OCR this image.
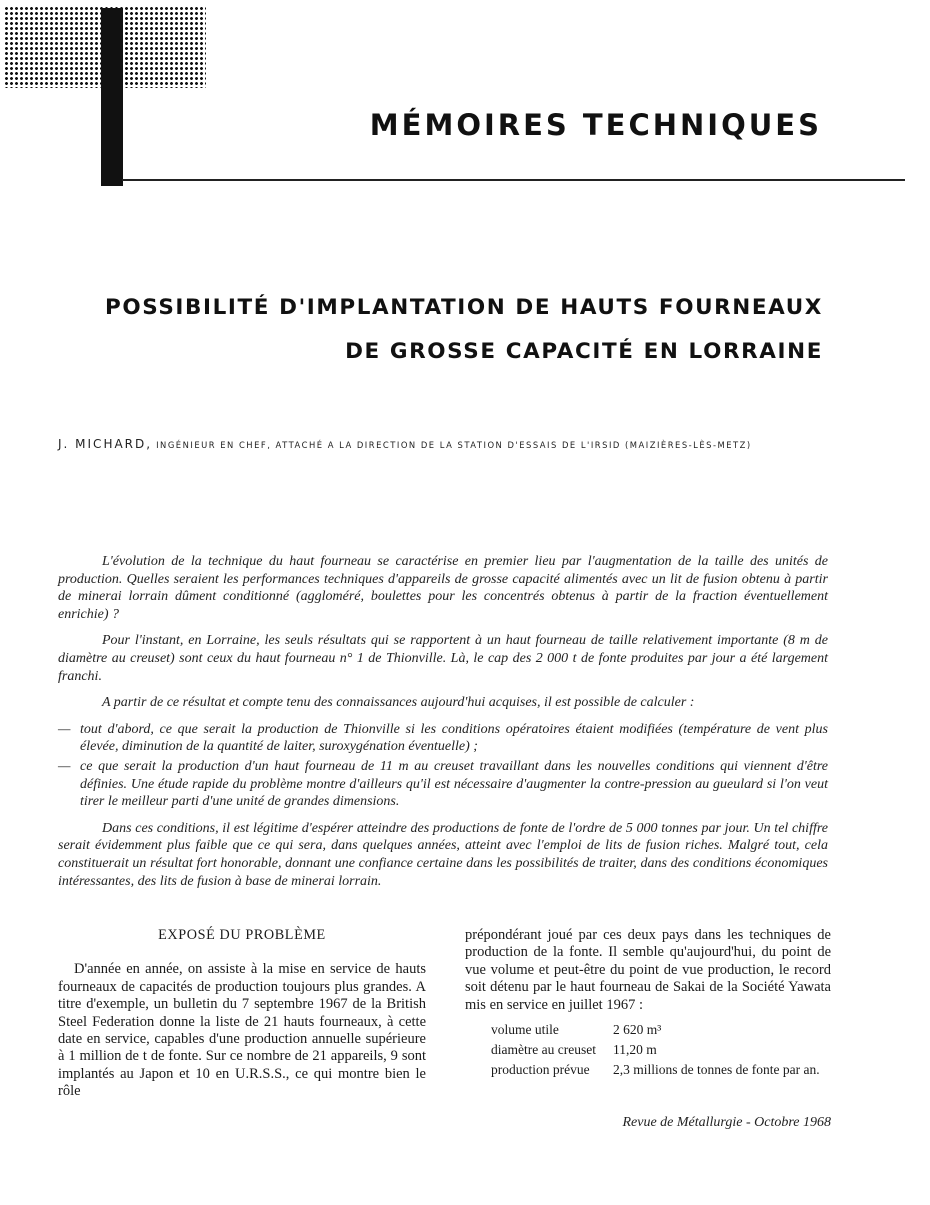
MÉMOIRES TECHNIQUES
POSSIBILITÉ D'IMPLANTATION DE HAUTS FOURNEAUX
DE GROSSE CAPACITÉ EN LORRAINE
J. MICHARD, INGÉNIEUR EN CHEF, ATTACHÉ A LA DIRECTION DE LA STATION D'ESSAIS DE L'IRSID (MAIZIÈRES-LÈS-METZ)

L'évolution de la technique du haut fourneau se caractérise en premier lieu par l'augmentation de la taille des unités de production. Quelles seraient les performances techniques d'appareils de grosse capacité alimentés avec un lit de fusion obtenu à partir de minerai lorrain dûment conditionné (aggloméré, boulettes pour les concentrés obtenus à partir de la fraction éventuellement enrichie) ?

Pour l'instant, en Lorraine, les seuls résultats qui se rapportent à un haut fourneau de taille relativement importante (8 m de diamètre au creuset) sont ceux du haut fourneau n° 1 de Thionville. Là, le cap des 2 000 t de fonte produites par jour a été largement franchi.

A partir de ce résultat et compte tenu des connaissances aujourd'hui acquises, il est possible de calculer :

— tout d'abord, ce que serait la production de Thionville si les conditions opératoires étaient modifiées (température de vent plus élevée, diminution de la quantité de laiter, suroxygénation éventuelle) ;

— ce que serait la production d'un haut fourneau de 11 m au creuset travaillant dans les nouvelles conditions qui viennent d'être définies. Une étude rapide du problème montre d'ailleurs qu'il est nécessaire d'augmenter la contre-pression au gueulard si l'on veut tirer le meilleur parti d'une unité de grandes dimensions.

Dans ces conditions, il est légitime d'espérer atteindre des productions de fonte de l'ordre de 5 000 tonnes par jour. Un tel chiffre serait évidemment plus faible que ce qui sera, dans quelques années, atteint avec l'emploi de lits de fusion riches. Malgré tout, cela constituerait un résultat fort honorable, donnant une confiance certaine dans les possibilités de traiter, dans des conditions économiques intéressantes, des lits de fusion à base de minerai lorrain.

EXPOSÉ DU PROBLÈME

D'année en année, on assiste à la mise en service de hauts fourneaux de capacités de production toujours plus grandes. A titre d'exemple, un bulletin du 7 septembre 1967 de la British Steel Federation donne la liste de 21 hauts fourneaux, à cette date en service, capables d'une production annuelle supérieure à 1 million de t de fonte. Sur ce nombre de 21 appareils, 9 sont implantés au Japon et 10 en U.R.S.S., ce qui montre bien le rôle

prépondérant joué par ces deux pays dans les techniques de production de la fonte. Il semble qu'aujourd'hui, du point de vue volume et peut-être du point de vue production, le record soit détenu par le haut fourneau de Sakai de la Société Yawata mis en service en juillet 1967 :

volume utile	2 620 m³
diamètre au creuset	11,20 m
production prévue	2,3 millions de tonnes de fonte par an.
Revue de Métallurgie - Octobre 1968
